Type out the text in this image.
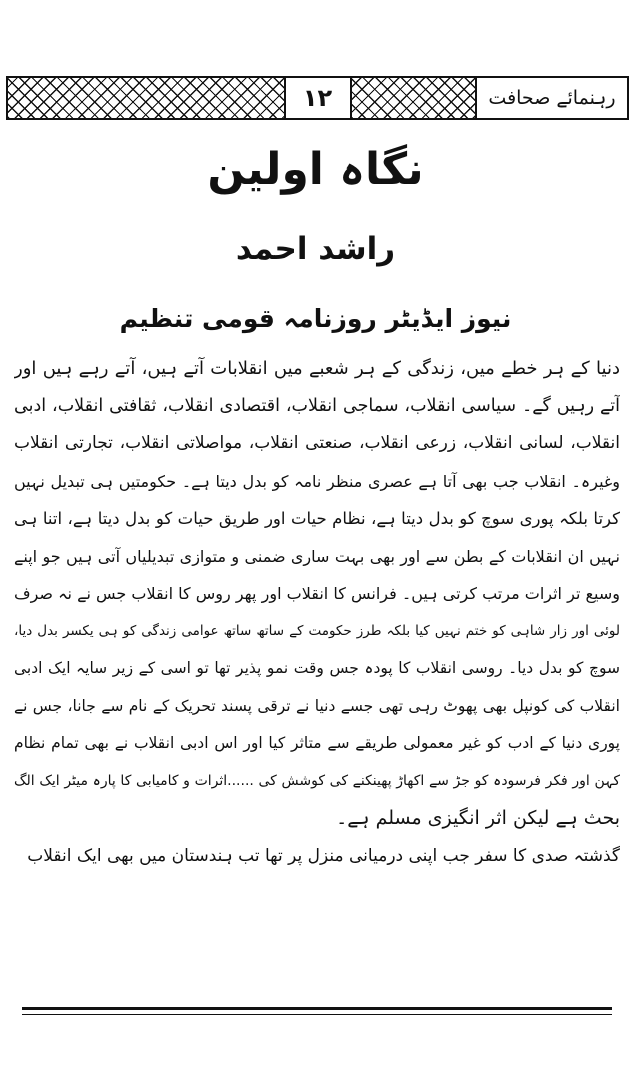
رہنمائے صحافت
۱۲
نگاہ اولین
راشد احمد
نیوز ایڈیٹر روزنامہ قومی تنظیم
دنیا کے ہر خطے میں، زندگی کے ہر شعبے میں انقلابات آتے ہیں، آتے رہے ہیں اور
آتے رہیں گے۔ سیاسی انقلاب، سماجی انقلاب، اقتصادی انقلاب، ثقافتی انقلاب، ادبی
انقلاب، لسانی انقلاب، زرعی انقلاب، صنعتی انقلاب، مواصلاتی انقلاب، تجارتی انقلاب
وغیرہ۔ انقلاب جب بھی آتا ہے عصری منظر نامہ کو بدل دیتا ہے۔ حکومتیں ہی تبدیل نہیں
کرتا بلکہ پوری سوچ کو بدل دیتا ہے، نظام حیات اور طریق حیات کو بدل دیتا ہے، اتنا ہی
نہیں ان انقلابات کے بطن سے اور بھی بہت ساری ضمنی و متوازی تبدیلیاں آتی ہیں جو اپنے
وسیع تر اثرات مرتب کرتی ہیں۔ فرانس کا انقلاب اور پھر روس کا انقلاب جس نے نہ صرف
لوئی اور زار شاہی کو ختم نہیں کیا بلکہ طرز حکومت کے ساتھ ساتھ عوامی زندگی کو ہی یکسر بدل دیا،
سوچ کو بدل دیا۔ روسی انقلاب کا پودہ جس وقت نمو پذیر تھا تو اسی کے زیر سایہ ایک ادبی
انقلاب کی کونپل بھی پھوٹ رہی تھی جسے دنیا نے ترقی پسند تحریک کے نام سے جانا، جس نے
پوری دنیا کے ادب کو غیر معمولی طریقے سے متاثر کیا اور اس ادبی انقلاب نے بھی تمام نظام
کہن اور فکر فرسودہ کو جڑ سے اکھاڑ پھینکنے کی کوشش کی ......اثرات و کامیابی کا پارہ میٹر ایک الگ
بحث ہے لیکن اثر انگیزی مسلم ہے۔
گذشتہ صدی کا سفر جب اپنی درمیانی منزل پر تھا تب ہندستان میں بھی ایک انقلاب
